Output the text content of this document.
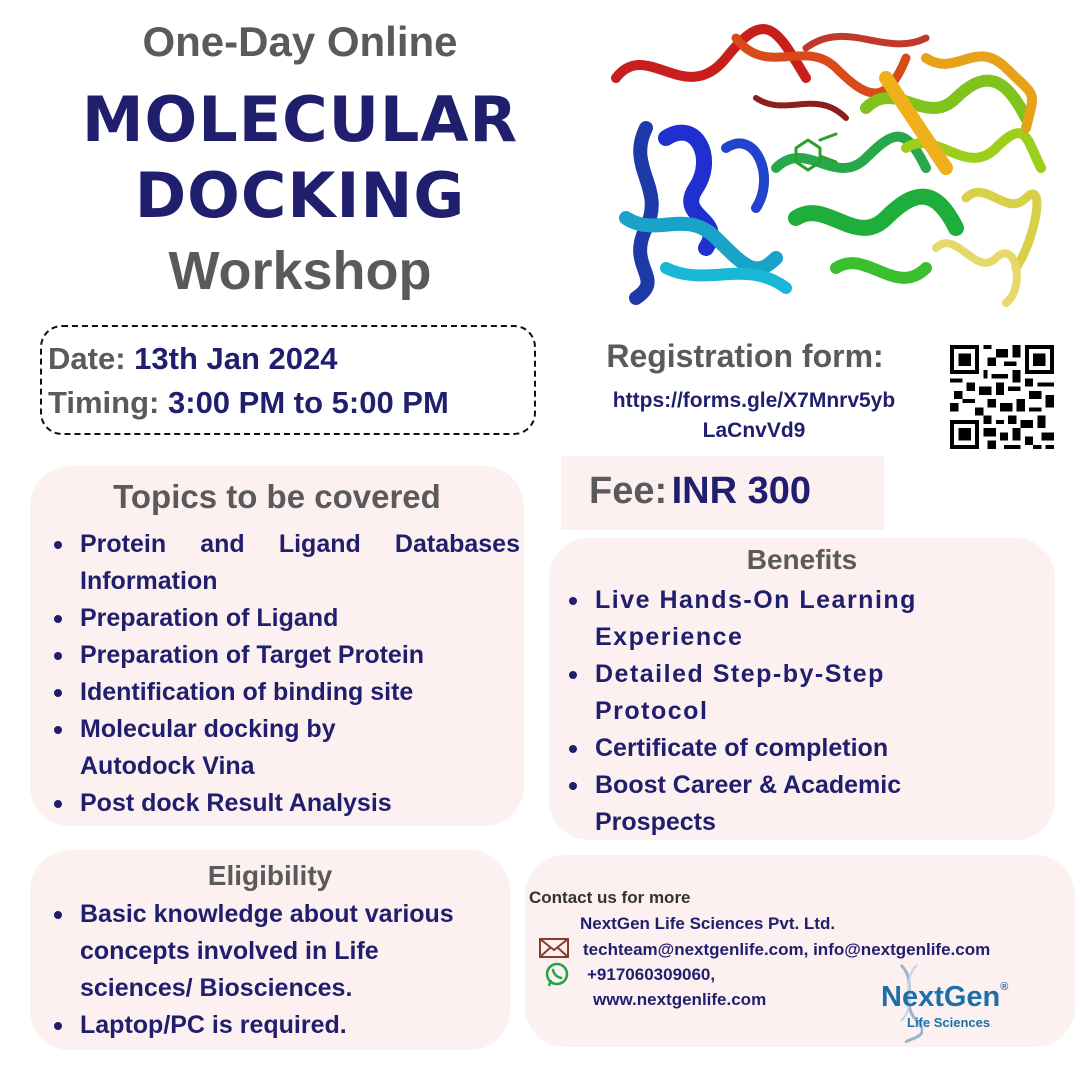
One-Day Online
MOLECULAR
DOCKING
Workshop
Date: 13th Jan 2024
Timing: 3:00 PM to 5:00 PM
Registration form:
https://forms.gle/X7Mnrv5yb
LaCnvVd9
Topics to be covered
Protein and Ligand Databases Information
Preparation of Ligand
Preparation of Target Protein
Identification of binding site
Molecular docking by Autodock Vina
Post dock Result Analysis
Fee: INR 300
Benefits
Live Hands-On Learning Experience
Detailed Step-by-Step Protocol
Certificate of completion
Boost Career & Academic Prospects
Eligibility
Basic knowledge about various concepts involved in Life sciences/ Biosciences.
Laptop/PC is required.
Contact us for more
NextGen Life Sciences Pvt. Ltd.
techteam@nextgenlife.com, info@nextgenlife.com
+917060309060,
www.nextgenlife.com	NextGen®
Life Sciences
